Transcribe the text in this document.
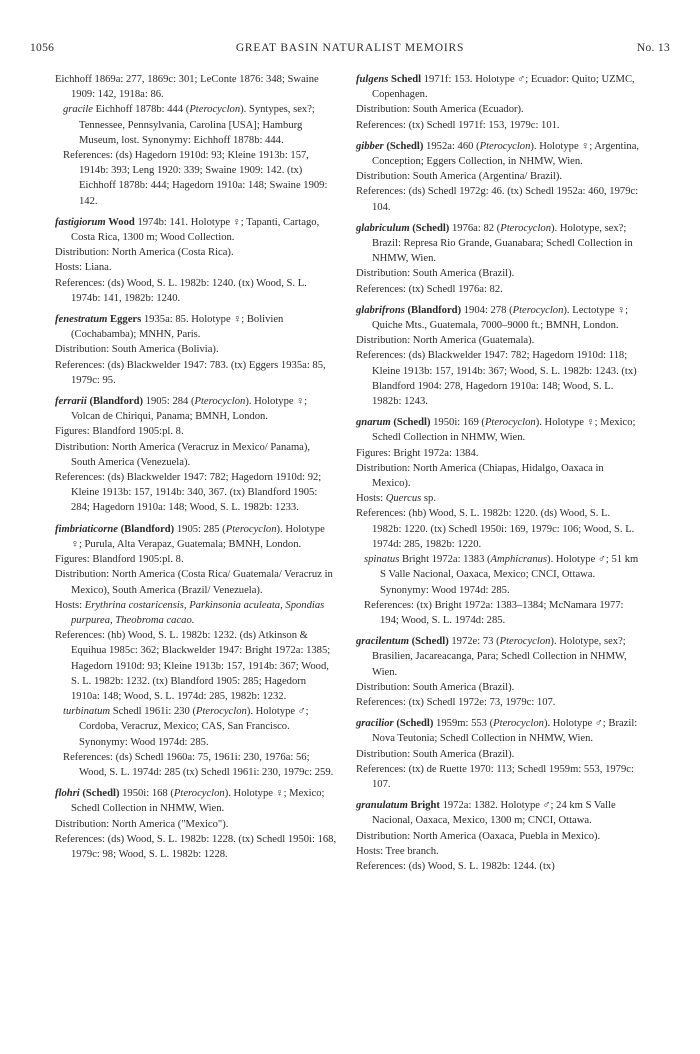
1056	GREAT BASIN NATURALIST MEMOIRS	No. 13
Eichhoff 1869a: 277, 1869c: 301; LeConte 1876: 348; Swaine 1909: 142, 1918a: 86.
gracile Eichhoff 1878b: 444 (Pterocyclon). Syntypes, sex?; Tennessee, Pennsylvania, Carolina [USA]; Hamburg Museum, lost. Synonymy: Eichhoff 1878b: 444.
References: (ds) Hagedorn 1910d: 93; Kleine 1913b: 157, 1914b: 393; Leng 1920: 339; Swaine 1909: 142. (tx) Eichhoff 1878b: 444; Hagedorn 1910a: 148; Swaine 1909: 142.
fastigiorum Wood 1974b: 141. Holotype ♀; Tapanti, Cartago, Costa Rica, 1300 m; Wood Collection.
Distribution: North America (Costa Rica).
Hosts: Liana.
References: (ds) Wood, S. L. 1982b: 1240. (tx) Wood, S. L. 1974b: 141, 1982b: 1240.
fenestratum Eggers 1935a: 85. Holotype ♀; Bolivien (Cochabamba); MNHN, Paris.
Distribution: South America (Bolivia).
References: (ds) Blackwelder 1947: 783. (tx) Eggers 1935a: 85, 1979c: 95.
ferrarii (Blandford) 1905: 284 (Pterocyclon). Holotype ♀; Volcan de Chiriqui, Panama; BMNH, London.
Figures: Blandford 1905:pl. 8.
Distribution: North America (Veracruz in Mexico/ Panama), South America (Venezuela).
References: (ds) Blackwelder 1947: 782; Hagedorn 1910d: 92; Kleine 1913b: 157, 1914b: 340, 367. (tx) Blandford 1905: 284; Hagedorn 1910a: 148; Wood, S. L. 1982b: 1233.
fimbriaticorne (Blandford) 1905: 285 (Pterocyclon). Holotype ♀; Purula, Alta Verapaz, Guatemala; BMNH, London.
Figures: Blandford 1905:pl. 8.
Distribution: North America (Costa Rica/ Guatemala/ Veracruz in Mexico), South America (Brazil/ Venezuela).
Hosts: Erythrina costaricensis, Parkinsonia aculeata, Spondias purpurea, Theobroma cacao.
References: (hb) Wood, S. L. 1982b: 1232. (ds) Atkinson & Equihua 1985c: 362; Blackwelder 1947: Bright 1972a: 1385; Hagedorn 1910d: 93; Kleine 1913b: 157, 1914b: 367; Wood, S. L. 1982b: 1232. (tx) Blandford 1905: 285; Hagedorn 1910a: 148; Wood, S. L. 1974d: 285, 1982b: 1232.
turbinatum Schedl 1961i: 230 (Pterocyclon). Holotype ♂; Cordoba, Veracruz, Mexico; CAS, San Francisco. Synonymy: Wood 1974d: 285.
References: (ds) Schedl 1960a: 75, 1961i: 230, 1976a: 56; Wood, S. L. 1974d: 285 (tx) Schedl 1961i: 230, 1979c: 259.
flohri (Schedl) 1950i: 168 (Pterocyclon). Holotype ♀; Mexico; Schedl Collection in NHMW, Wien.
Distribution: North America ("Mexico").
References: (ds) Wood, S. L. 1982b: 1228. (tx) Schedl 1950i: 168, 1979c: 98; Wood, S. L. 1982b: 1228.
fulgens Schedl 1971f: 153. Holotype ♂; Ecuador: Quito; UZMC, Copenhagen.
Distribution: South America (Ecuador).
References: (tx) Schedl 1971f: 153, 1979c: 101.
gibber (Schedl) 1952a: 460 (Pterocyclon). Holotype ♀; Argentina, Conception; Eggers Collection, in NHMW, Wien.
Distribution: South America (Argentina/ Brazil).
References: (ds) Schedl 1972g: 46. (tx) Schedl 1952a: 460, 1979c: 104.
glabriculum (Schedl) 1976a: 82 (Pterocyclon). Holotype, sex?; Brazil: Represa Rio Grande, Guanabara; Schedl Collection in NHMW, Wien.
Distribution: South America (Brazil).
References: (tx) Schedl 1976a: 82.
glabrifrons (Blandford) 1904: 278 (Pterocyclon). Lectotype ♀; Quiche Mts., Guatemala, 7000–9000 ft.; BMNH, London.
Distribution: North America (Guatemala).
References: (ds) Blackwelder 1947: 782; Hagedorn 1910d: 118; Kleine 1913b: 157, 1914b: 367; Wood, S. L. 1982b: 1243. (tx) Blandford 1904: 278, Hagedorn 1910a: 148; Wood, S. L. 1982b: 1243.
gnarum (Schedl) 1950i: 169 (Pterocyclon). Holotype ♀; Mexico; Schedl Collection in NHMW, Wien.
Figures: Bright 1972a: 1384.
Distribution: North America (Chiapas, Hidalgo, Oaxaca in Mexico).
Hosts: Quercus sp.
References: (hb) Wood, S. L. 1982b: 1220. (ds) Wood, S. L. 1982b: 1220. (tx) Schedl 1950i: 169, 1979c: 106; Wood, S. L. 1974d: 285, 1982b: 1220.
spinatus Bright 1972a: 1383 (Amphicranus). Holotype ♂; 51 km S Valle Nacional, Oaxaca, Mexico; CNCI, Ottawa. Synonymy: Wood 1974d: 285.
References: (tx) Bright 1972a: 1383–1384; McNamara 1977: 194; Wood, S. L. 1974d: 285.
gracilentum (Schedl) 1972e: 73 (Pterocyclon). Holotype, sex?; Brasilien, Jacareacanga, Para; Schedl Collection in NHMW, Wien.
Distribution: South America (Brazil).
References: (tx) Schedl 1972e: 73, 1979c: 107.
gracilior (Schedl) 1959m: 553 (Pterocyclon). Holotype ♂; Brazil: Nova Teutonia; Schedl Collection in NHMW, Wien.
Distribution: South America (Brazil).
References: (tx) de Ruette 1970: 113; Schedl 1959m: 553, 1979c: 107.
granulatum Bright 1972a: 1382. Holotype ♂; 24 km S Valle Nacional, Oaxaca, Mexico, 1300 m; CNCI, Ottawa.
Distribution: North America (Oaxaca, Puebla in Mexico).
Hosts: Tree branch.
References: (ds) Wood, S. L. 1982b: 1244. (tx)
